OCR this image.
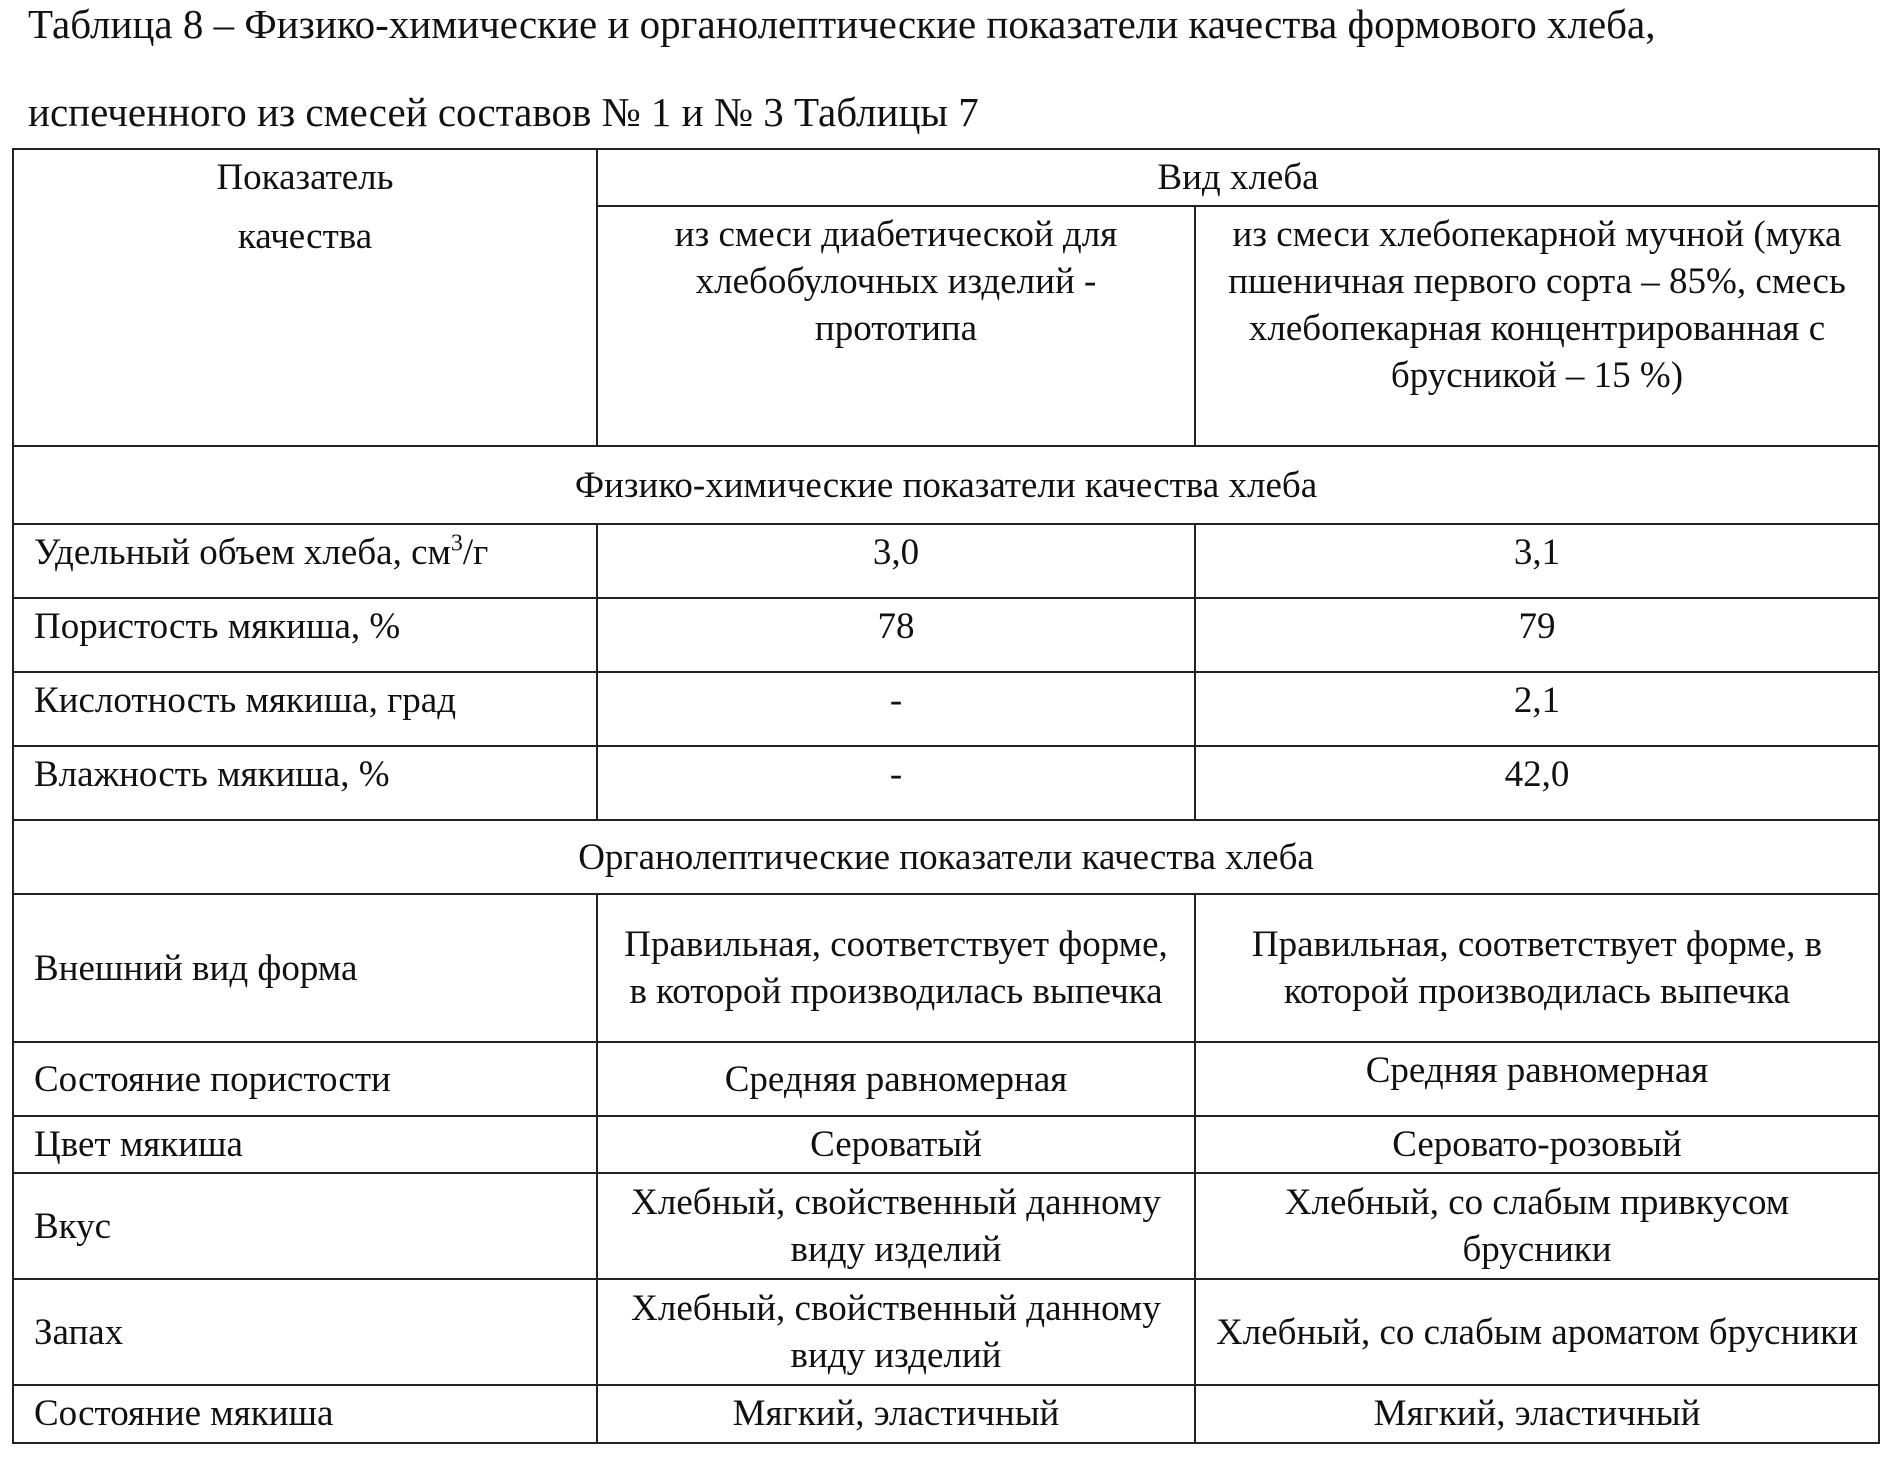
Таблица 8 – Физико-химические и органолептические показатели качества формового хлеба,
испеченного из смесей составов № 1 и № 3 Таблицы 7
Показатель
качества	Вид хлеба	
	из смеси диабетической для хлебобулочных изделий - прототипа	из смеси хлебопекарной мучной (мука пшеничная первого сорта – 85%, смесь хлебопекарная концентрированная с брусникой – 15 %)
Физико-химические показатели качества хлеба		
Удельный объем хлеба, $см^3/г$	3,0	3,1
Пористость мякиша, %	78	79
Кислотность мякиша, град	-	2,1
Влажность мякиша, %	-	42,0
Органолептические показатели качества хлеба		
Внешний вид форма	Правильная, соответствует форме, в которой производилась выпечка	Правильная, соответствует форме, в которой производилась выпечка
Состояние пористости	Средняя равномерная	Средняя равномерная
Цвет мякиша	Сероватый	Серовато-розовый
Вкус	Хлебный, свойственный данному виду изделий	Хлебный, со слабым привкусом брусники
Запах	Хлебный, свойственный данному виду изделий	Хлебный, со слабым ароматом брусники
Состояние мякиша	Мягкий, эластичный	Мягкий, эластичный
